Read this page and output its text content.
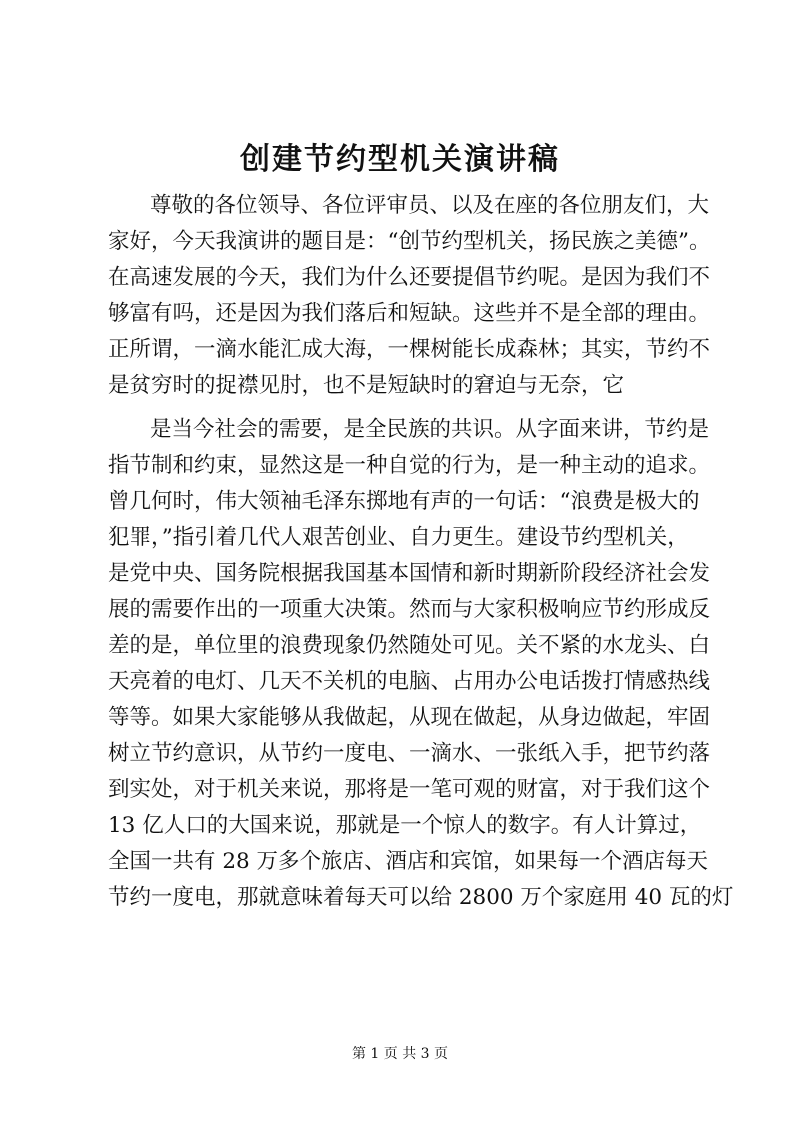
创建节约型机关演讲稿
尊敬的各位领导、各位评审员、以及在座的各位朋友们，大
家好，今天我演讲的题目是：“创节约型机关，扬民族之美德”。
在高速发展的今天，我们为什么还要提倡节约呢。是因为我们不
够富有吗，还是因为我们落后和短缺。这些并不是全部的理由。
正所谓，一滴水能汇成大海，一棵树能长成森林；其实，节约不
是贫穷时的捉襟见肘，也不是短缺时的窘迫与无奈，它
是当今社会的需要，是全民族的共识。从字面来讲，节约是
指节制和约束，显然这是一种自觉的行为，是一种主动的追求。
曾几何时，伟大领袖毛泽东掷地有声的一句话：“浪费是极大的
犯罪，”指引着几代人艰苦创业、自力更生。建设节约型机关，
是党中央、国务院根据我国基本国情和新时期新阶段经济社会发
展的需要作出的一项重大决策。然而与大家积极响应节约形成反
差的是，单位里的浪费现象仍然随处可见。关不紧的水龙头、白
天亮着的电灯、几天不关机的电脑、占用办公电话拨打情感热线
等等。如果大家能够从我做起，从现在做起，从身边做起，牢固
树立节约意识，从节约一度电、一滴水、一张纸入手，把节约落
到实处，对于机关来说，那将是一笔可观的财富，对于我们这个
13 亿人口的大国来说，那就是一个惊人的数字。有人计算过，
全国一共有 28 万多个旅店、酒店和宾馆，如果每一个酒店每天
节约一度电，那就意味着每天可以给 2800 万个家庭用 40 瓦的灯
第 1 页 共 3 页
